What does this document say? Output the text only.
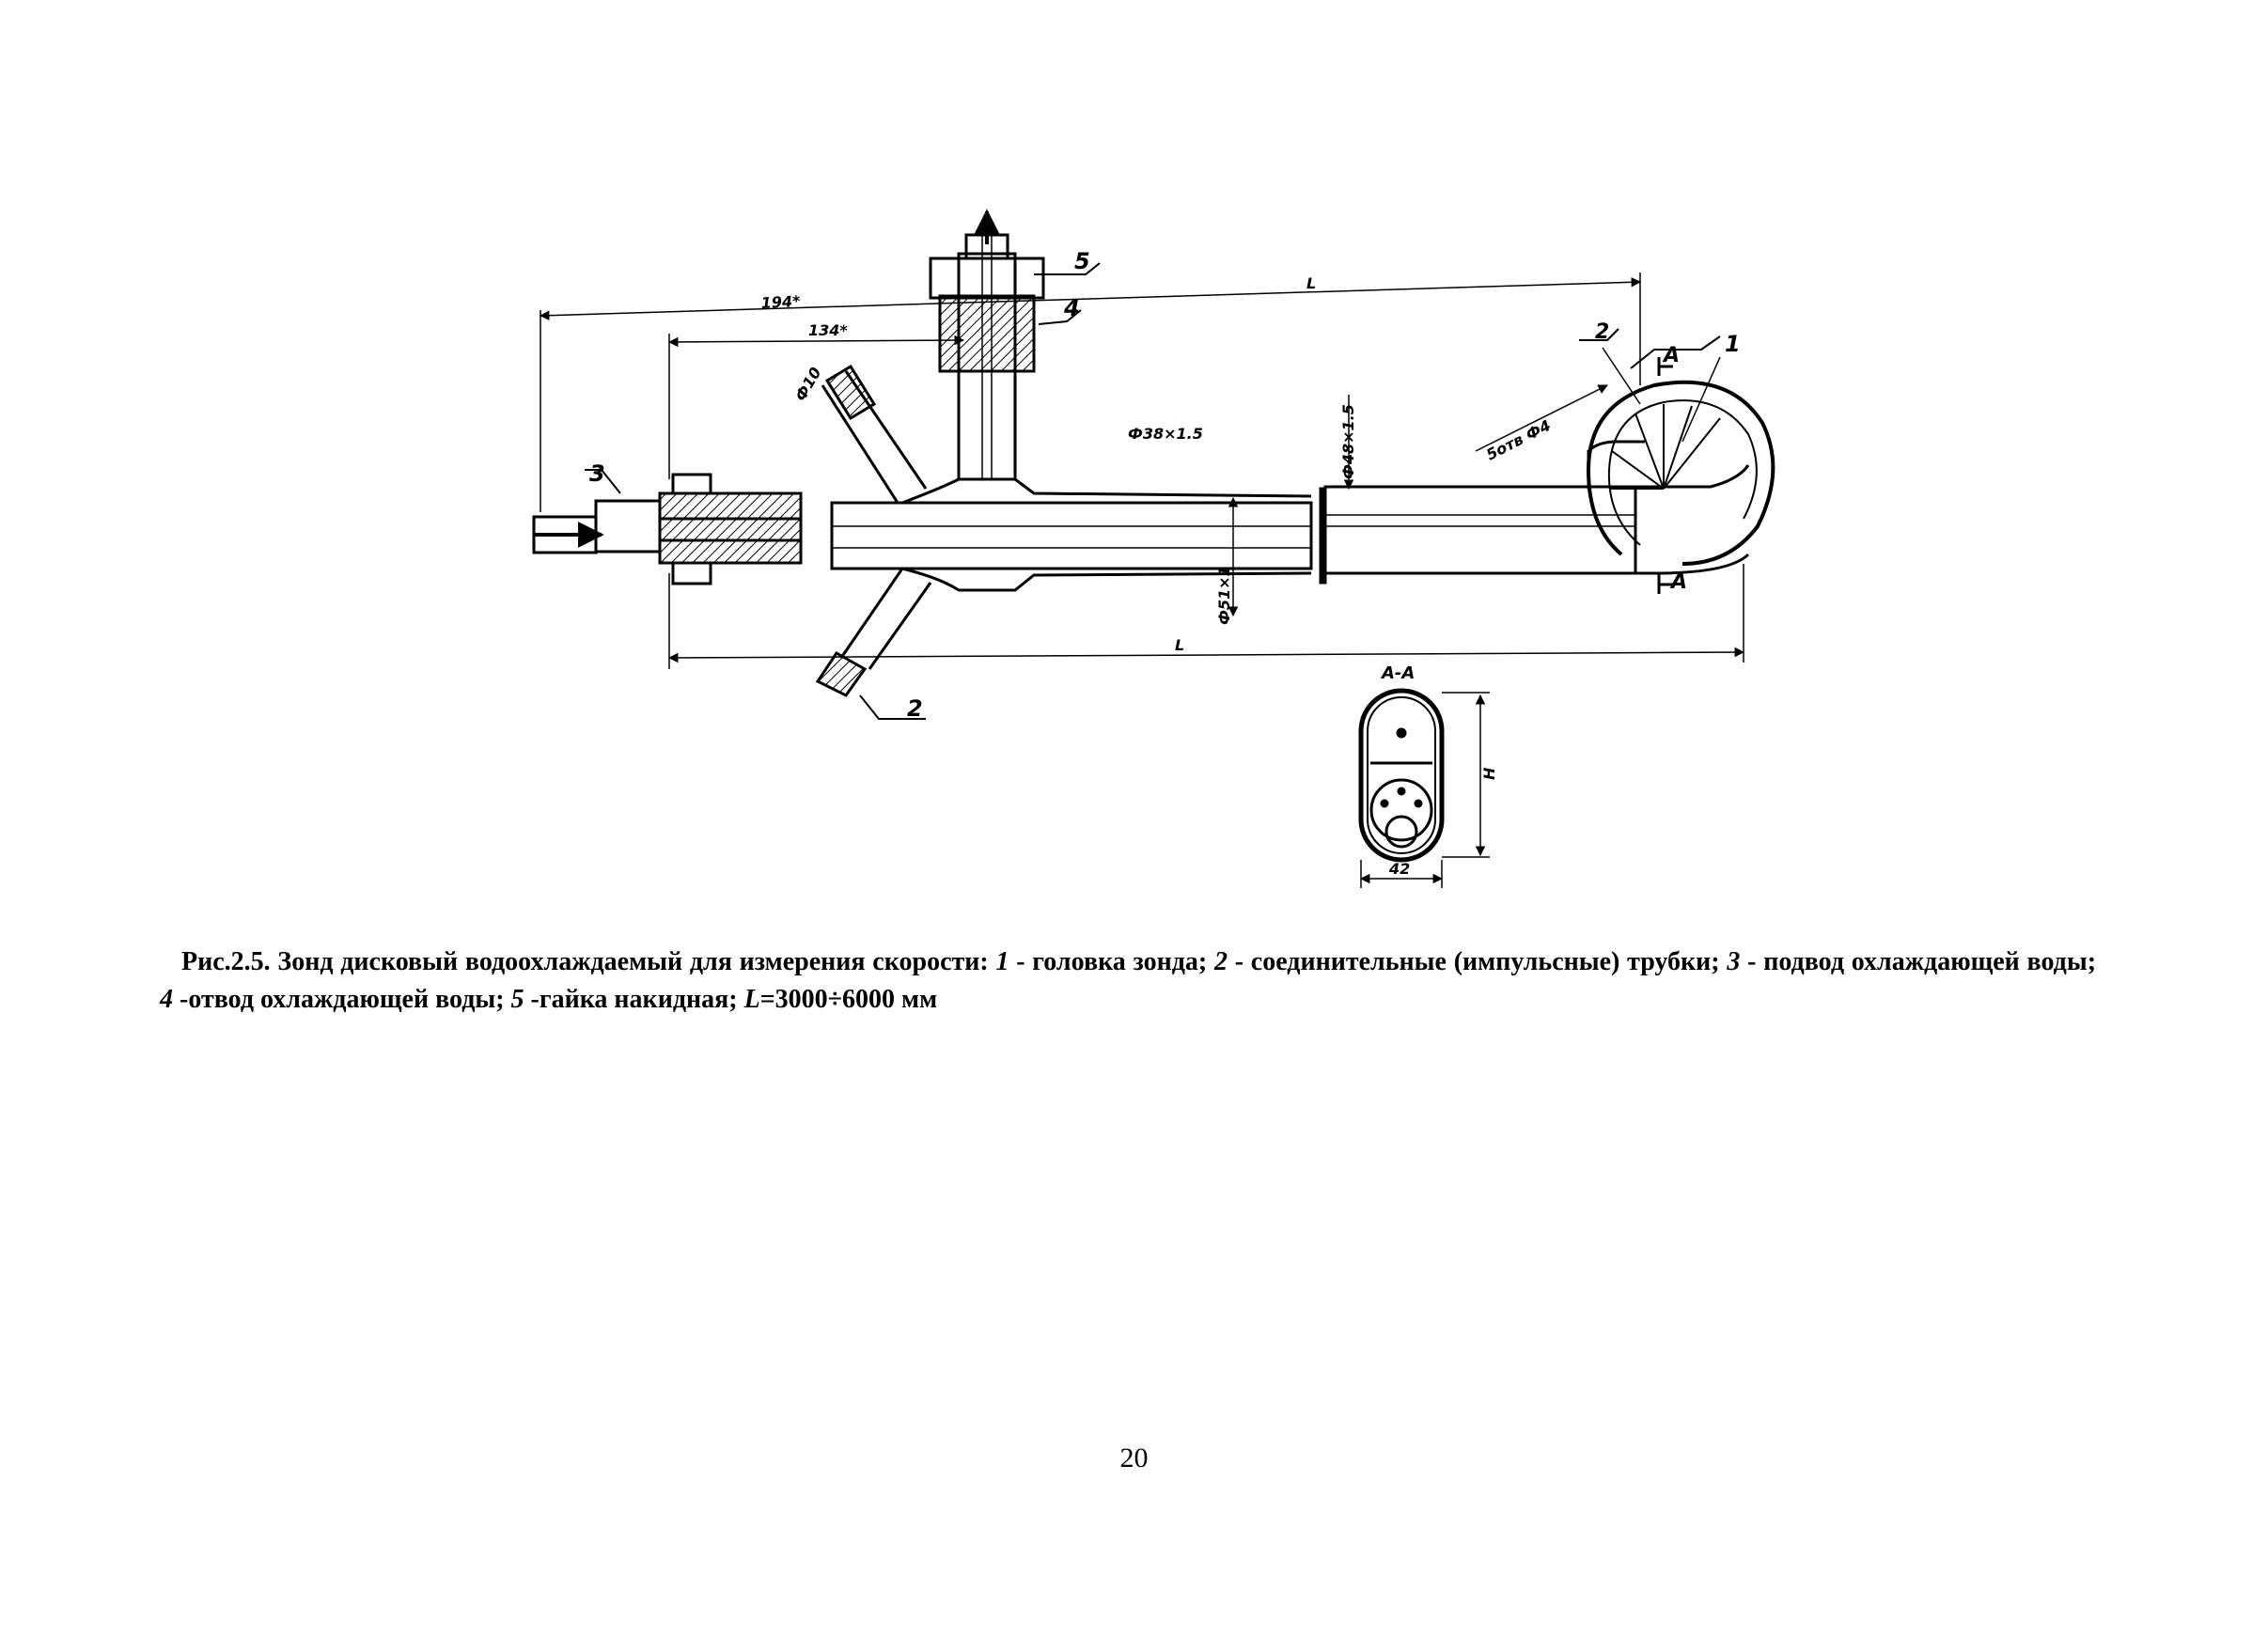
5
4
3
2
2	1
A
A
A-A
194*
134*
L
L
Ф10
Ф38×1.5	Ф48×1.5
Ф51×1
5отв Ф4
42
H
Рис.2.5. Зонд дисковый водоохлаждаемый для измерения скорости: 1 - головка зонда; 2 - соединительные (импульсные) трубки; 3 - подвод охлаждающей воды; 4 -отвод охлаждающей воды; 5 -гайка накидная; L=3000÷6000 мм
20
